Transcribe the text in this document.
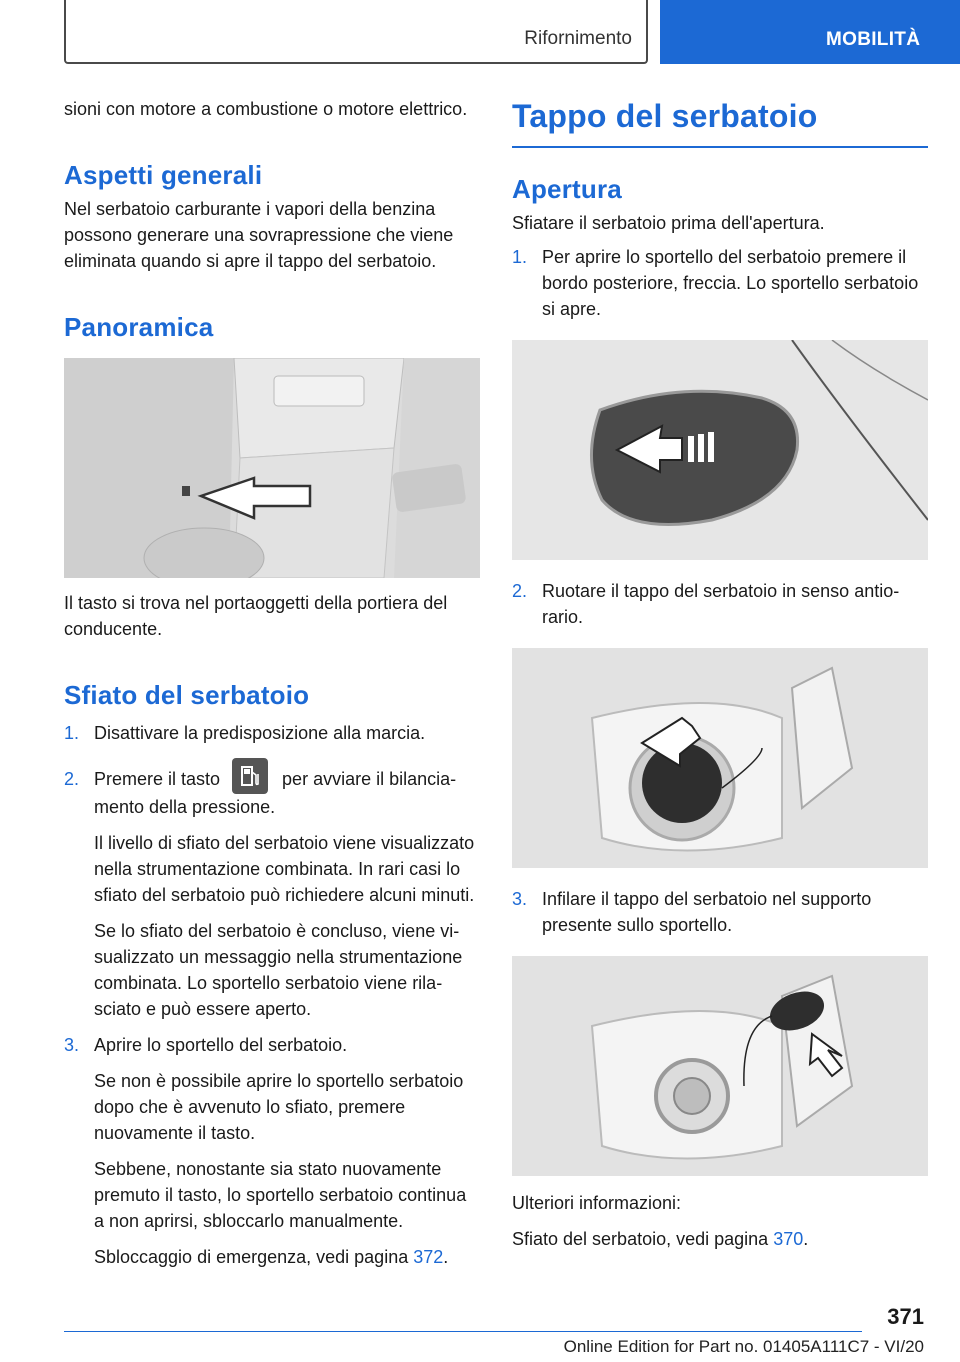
Rifornimento	MOBILITÀ

sioni con motore a combustione o motore elettrico.

Aspetti generali

Nel serbatoio carburante i vapori della benzina possono generare una sovrapressione che viene eliminata quando si apre il tappo del serbatoio.

Panoramica

Il tasto si trova nel portaoggetti della portiera del conducente.

Sfiato del serbatoio
1. Disattivare la predisposizione alla marcia.
2. Premere il tasto	per avviare il bilanciamento della pressione.
Il livello di sfiato del serbatoio viene visualizzato nella strumentazione combinata. In rari casi lo sfiato del serbatoio può richiedere alcuni minuti.
Se lo sfiato del serbatoio è concluso, viene visualizzato un messaggio nella strumentazione combinata. Lo sportello serbatoio viene rilasciato e può essere aperto.
3. Aprire lo sportello del serbatoio.
Se non è possibile aprire lo sportello serbatoio dopo che è avvenuto lo sfiato, premere nuovamente il tasto.
Sebbene, nonostante sia stato nuovamente premuto il tasto, lo sportello serbatoio continua a non aprirsi, sbloccarlo manualmente.
Sbloccaggio di emergenza, vedi pagina 372.
Tappo del serbatoio
Apertura

Sfiatare il serbatoio prima dell'apertura.

1. Per aprire lo sportello del serbatoio premere il bordo posteriore, freccia. Lo sportello serbatoio si apre.
2. Ruotare il tappo del serbatoio in senso antiorario.
3. Infilare il tappo del serbatoio nel supporto presente sullo sportello.

Ulteriori informazioni:

Sfiato del serbatoio, vedi pagina 370.

371
Online Edition for Part no. 01405A111C7 - VI/20
